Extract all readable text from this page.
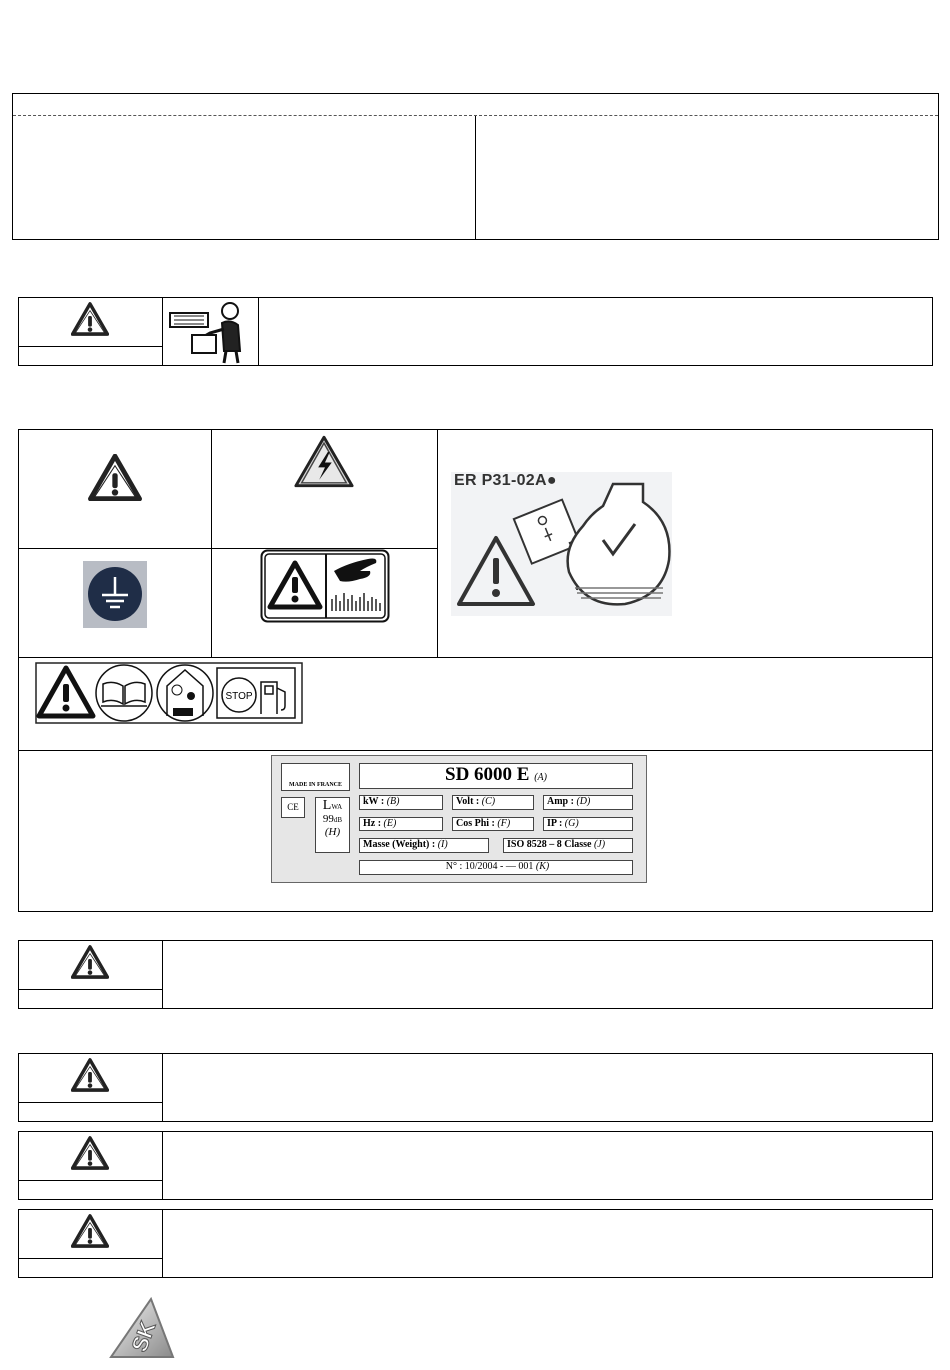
ER P31-02A●
STOP
MADE IN FRANCE
CE	LWA
99dB
(H)
SD 6000 E (A)
kW : (B)	Volt : (C)	Amp : (D)
Hz : (E)	Cos Phi : (F)	IP : (G)
Masse (Weight) : (I)	ISO 8528 – 8 Classe (J)
N° : 10/2004 - — 001 (K)
SK
